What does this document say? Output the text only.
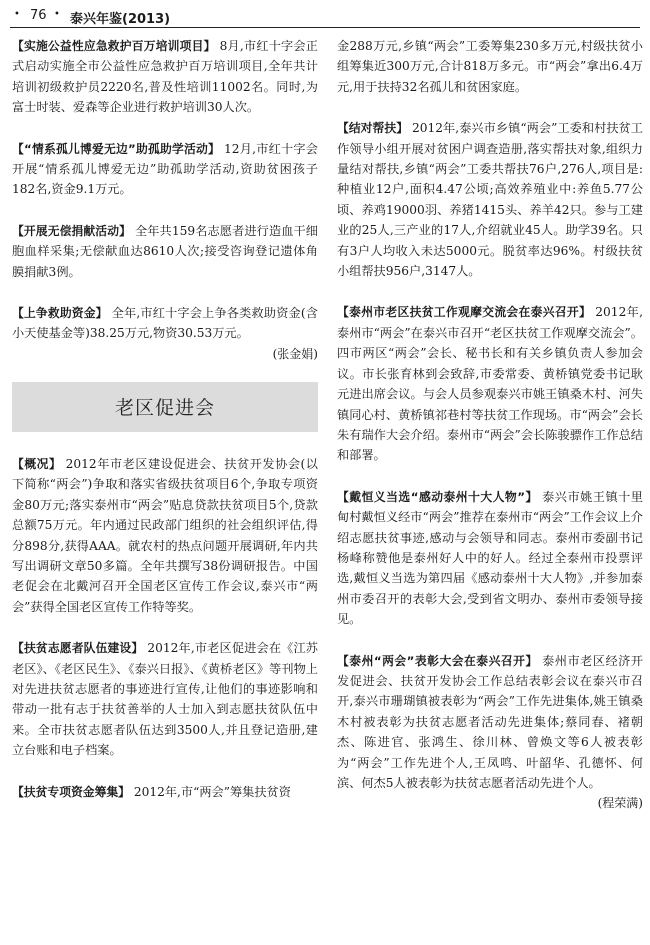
• 76 • 泰兴年鉴(2013)

【实施公益性应急救护百万培训项目】 8月,市红十字会正式启动实施全市公益性应急救护百万培训项目,全年共计培训初级救护员2220名,普及性培训11002名。同时,为富士时装、爱森等企业进行救护培训30人次。

【“情系孤儿博爱无边”助孤助学活动】 12月,市红十字会开展“情系孤儿博爱无边”助孤助学活动,资助贫困孩子182名,资金9.1万元。

【开展无偿捐献活动】 全年共159名志愿者进行造血干细胞血样采集;无偿献血达8610人次;接受咨询登记遗体角膜捐献3例。

【上争救助资金】 全年,市红十字会上争各类救助资金(含小天使基金等)38.25万元,物资30.53万元。

(张金娟)
老区促进会

【概况】 2012年市老区建设促进会、扶贫开发协会(以下简称“两会”)争取和落实省级扶贫项目6个,争取专项资金80万元;落实泰州市“两会”贴息贷款扶贫项目5个,贷款总额75万元。年内通过民政部门组织的社会组织评估,得分898分,获得AAA。就农村的热点问题开展调研,年内共写出调研文章50多篇。全年共撰写38份调研报告。中国老促会在北戴河召开全国老区宣传工作会议,泰兴市“两会”获得全国老区宣传工作特等奖。

【扶贫志愿者队伍建设】 2012年,市老区促进会在《江苏老区》、《老区民生》、《泰兴日报》、《黄桥老区》等刊物上对先进扶贫志愿者的事迹进行宣传,让他们的事迹影响和带动一批有志于扶贫善举的人士加入到志愿扶贫队伍中来。全市扶贫志愿者队伍达到3500人,并且登记造册,建立台账和电子档案。

【扶贫专项资金筹集】 2012年,市“两会”筹集扶贫资

金288万元,乡镇“两会”工委筹集230多万元,村级扶贫小组筹集近300万元,合计818万多元。市“两会”拿出6.4万元,用于扶持32名孤儿和贫困家庭。

【结对帮扶】 2012年,泰兴市乡镇“两会”工委和村扶贫工作领导小组开展对贫困户调查造册,落实帮扶对象,组织力量结对帮扶,乡镇“两会”工委共帮扶76户,276人,项目是:种植业12户,面积4.47公顷;高效养殖业中:养鱼5.77公顷、养鸡19000羽、养猪1415头、养羊42只。参与工建业的25人,三产业的17人,介绍就业45人。助学39名。只有3户人均收入未达5000元。脱贫率达96%。村级扶贫小组帮扶956户,3147人。

【泰州市老区扶贫工作观摩交流会在泰兴召开】 2012年,泰州市“两会”在泰兴市召开“老区扶贫工作观摩交流会”。四市两区“两会”会长、秘书长和有关乡镇负责人参加会议。市长张育林到会致辞,市委常委、黄桥镇党委书记耿元进出席会议。与会人员参观泰兴市姚王镇桑木村、河失镇同心村、黄桥镇祁巷村等扶贫工作现场。市“两会”会长朱有瑞作大会介绍。泰州市“两会”会长陈骏骠作工作总结和部署。

【戴恒义当选“感动泰州十大人物”】 泰兴市姚王镇十里甸村戴恒义经市“两会”推荐在泰州市“两会”工作会议上介绍志愿扶贫事迹,感动与会领导和同志。泰州市委副书记杨峰称赞他是泰州好人中的好人。经过全泰州市投票评选,戴恒义当选为第四届《感动泰州十大人物》,并参加泰州市委召开的表彰大会,受到省文明办、泰州市委领导接见。

【泰州“两会”表彰大会在泰兴召开】 泰州市老区经济开发促进会、扶贫开发协会工作总结表彰会议在泰兴市召开,泰兴市珊瑚镇被表彰为“两会”工作先进集体,姚王镇桑木村被表彰为扶贫志愿者活动先进集体;蔡同春、褚朝杰、陈进官、张鸿生、徐川林、曾焕文等6人被表彰为“两会”工作先进个人,王凤鸣、叶韶华、孔德怀、何滨、何杰5人被表彰为扶贫志愿者活动先进个人。
(程荣满)
